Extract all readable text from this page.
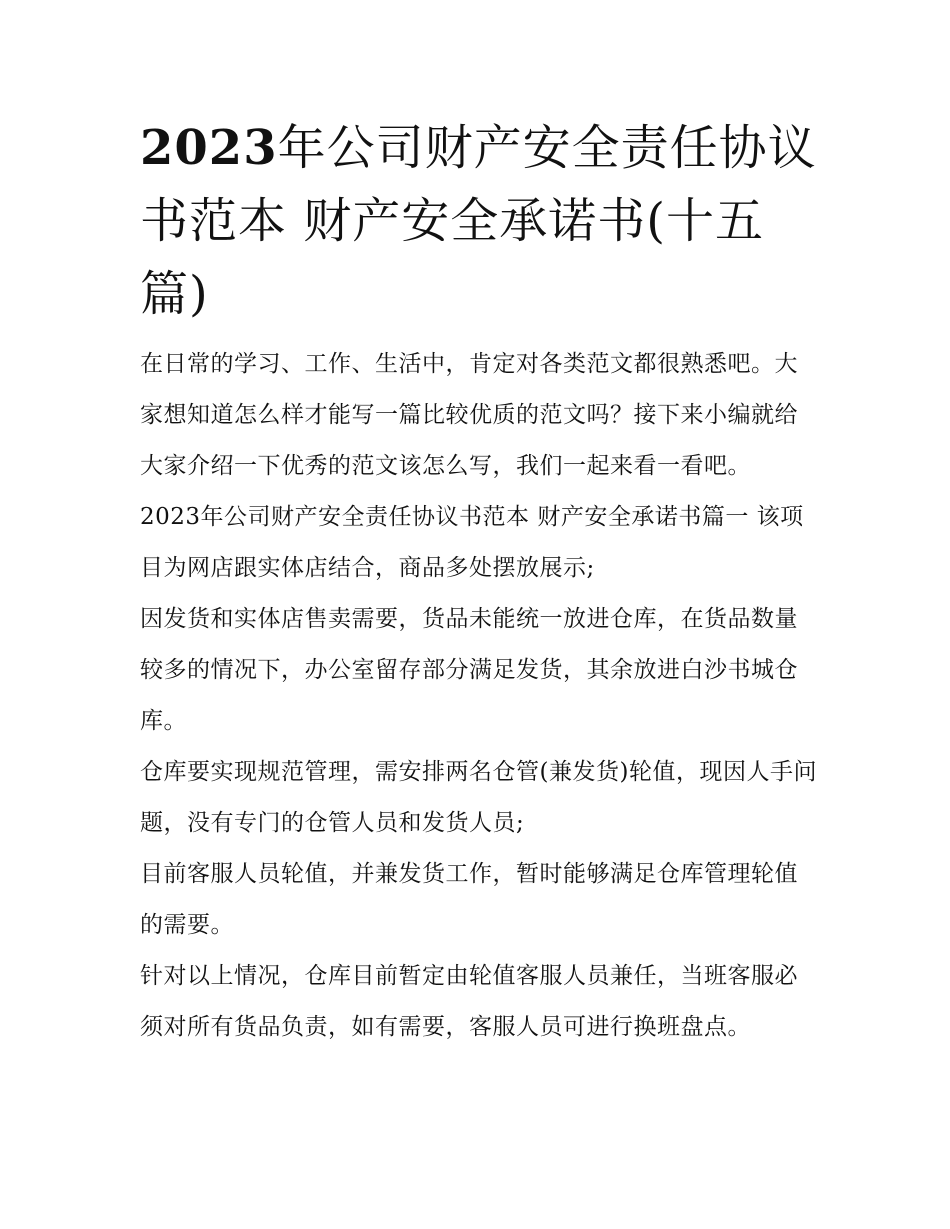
2023年公司财产安全责任协议书范本 财产安全承诺书(十五篇)

在日常的学习、工作、生活中，肯定对各类范文都很熟悉吧。大家想知道怎么样才能写一篇比较优质的范文吗？接下来小编就给大家介绍一下优秀的范文该怎么写，我们一起来看一看吧。

2023年公司财产安全责任协议书范本 财产安全承诺书篇一 该项目为网店跟实体店结合，商品多处摆放展示;

因发货和实体店售卖需要，货品未能统一放进仓库，在货品数量较多的情况下，办公室留存部分满足发货，其余放进白沙书城仓库。

仓库要实现规范管理，需安排两名仓管(兼发货)轮值，现因人手问题，没有专门的仓管人员和发货人员;

目前客服人员轮值，并兼发货工作，暂时能够满足仓库管理轮值的需要。

针对以上情况，仓库目前暂定由轮值客服人员兼任，当班客服必须对所有货品负责，如有需要，客服人员可进行换班盘点。
